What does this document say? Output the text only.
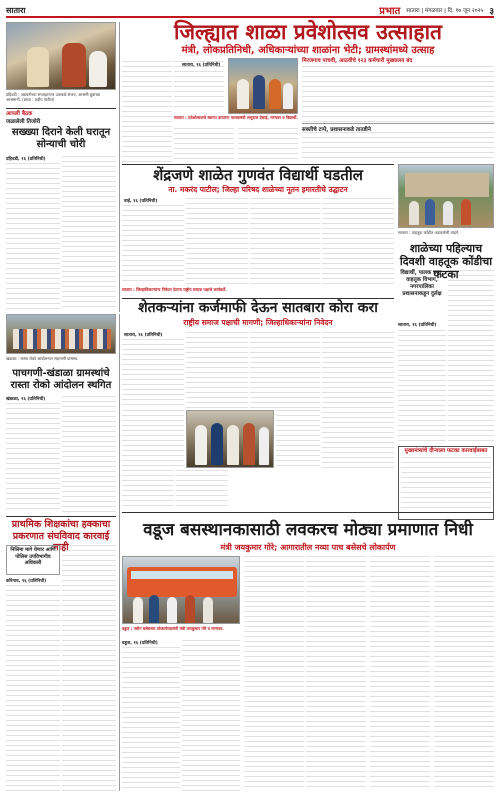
सातारा	प्रभात सातारा | मंगळवार | दि. १७ जून २०२५ ३
दहिवडी : अडचनीच्या सप्ताहानंतर उतावळे संजय, आश्रमी बुवांच्या आश्रमानी. (छाया : प्रदीप पाटील)
आपली बैठक
जळालेली तिजोरी
सख्ख्या दिराने केली घरातून सोन्याची चोरी
दहिवडी, १६ (प्रतिनिधी)
जिल्ह्यात शाळा प्रवेशोत्सव उत्साहात
मंत्री, लोकप्रतिनिधी, अधिकाऱ्यांच्या शाळांना भेटी; ग्रामस्थांमध्ये उत्साह
सातारा, १६ (प्रतिनिधी)
सातारा : प्रवेशोत्सवाचे स्वागत करताना पालकमंत्री शंभूराज देसाई, मान्यवर व विद्यार्थी.
मिरजगाव पाचवी, आठवीचे १२३ कर्मचारी मुख्यालय बंद
सक्तीचे टप्पे, प्रशासनाकडे तातडीने
शेंद्रजणे शाळेत गुणवंत विद्यार्थी घडतील
ना. मकरंद पाटील; जिल्हा परिषद शाळेच्या नूतन इमारतीचे उद्घाटन
वाई, १६ (प्रतिनिधी)
सातारा : वाहतूक कोंडीत अडकलेली वाहने.
शाळेच्या पहिल्याच दिवशी वाहतूक कोंडीचा फटका
विद्यार्थी, पालक त्रस्त; वाहतूक विभाग, नगरपालिका प्रशासनाकडून दुर्लक्ष
सातारा, १६ (प्रतिनिधी)
खंडाळा : रास्ता रोको आंदोलनात सहभागी ग्रामस्थ.
पाचगणी-खंडाळा ग्रामस्थांचे रास्ता रोको आंदोलन स्थगित
खंडाळा, १६ (प्रतिनिधी)
सातारा : जिल्हाधिकाऱ्यांना निवेदन देताना राष्ट्रीय समाज पक्षाचे कार्यकर्ते.
शेतकऱ्यांना कर्जमाफी देऊन सातबारा कोरा करा
राष्ट्रीय समाज पक्षाची मागणी; जिल्हाधिकाऱ्यांना निवेदन
सातारा, १६ (प्रतिनिधी)
मुख्यमंत्र्यांचे दौऱ्याला फटका कारवाईबाबत
प्राथमिक शिक्षकांचा हक्काचा प्रकरणात संघविवाद कारवाई नाही
निलिमा मागे घेणार आणि पोलिस उपविभागीय अधिकारी
कोरेगाव, १६ (प्रतिनिधी)
वडूज बसस्थानकासाठी लवकरच मोठ्या प्रमाणात निधी
मंत्री जयकुमार गोरे; आगारातील नव्या पाच बसेसचे लोकार्पण
वडूज : नवीन बसेसच्या लोकार्पणप्रसंगी मंत्री जयकुमार गोरे व मान्यवर.
वडूज, १६ (प्रतिनिधी)
